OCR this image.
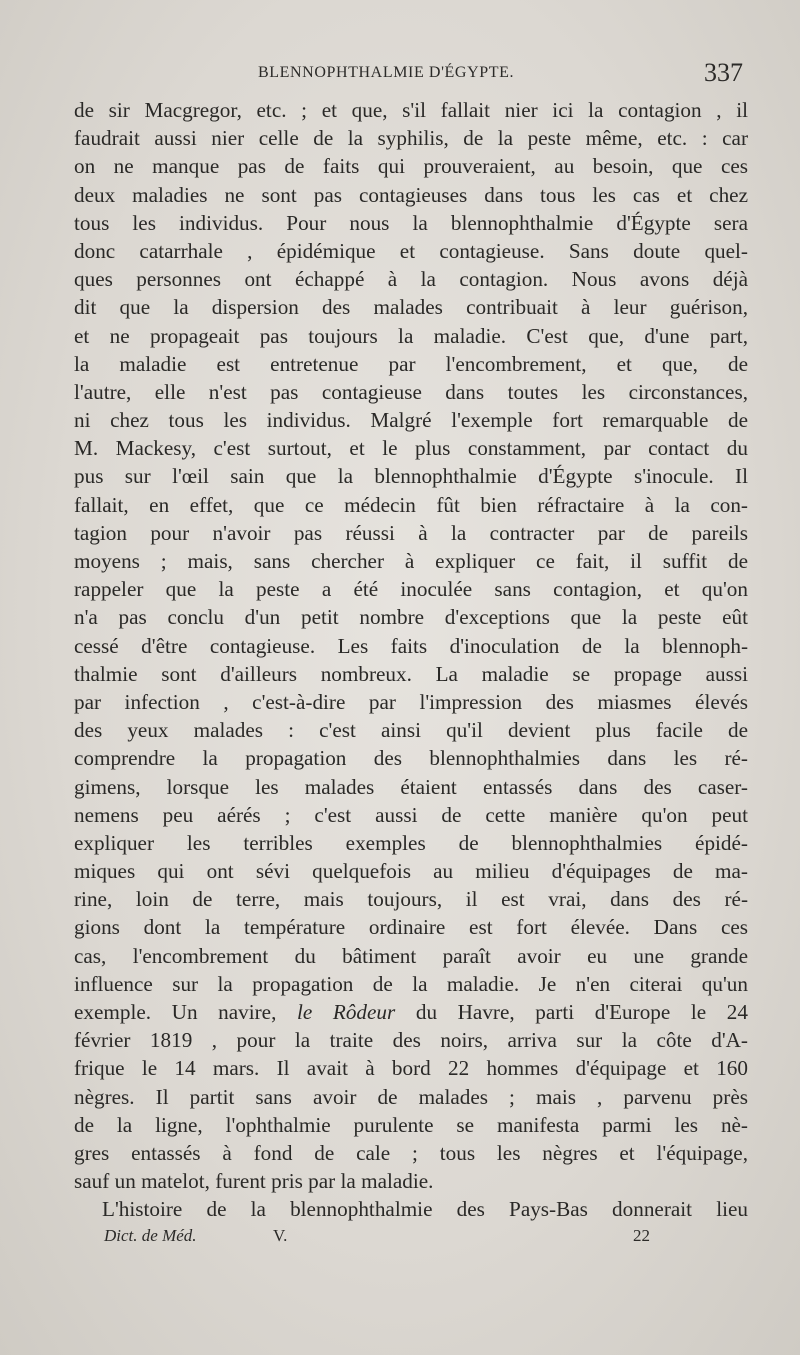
BLENNOPHTHALMIE D'ÉGYPTE.	337
de sir Macgregor, etc. ; et que, s'il fallait nier ici la contagion , il
faudrait aussi nier celle de la syphilis, de la peste même, etc. : car
on ne manque pas de faits qui prouveraient, au besoin, que ces
deux maladies ne sont pas contagieuses dans tous les cas et chez
tous les individus. Pour nous la blennophthalmie d'Égypte sera
donc catarrhale , épidémique et contagieuse. Sans doute quel-
ques personnes ont échappé à la contagion. Nous avons déjà
dit que la dispersion des malades contribuait à leur guérison,
et ne propageait pas toujours la maladie. C'est que, d'une part,
la maladie est entretenue par l'encombrement, et que, de
l'autre, elle n'est pas contagieuse dans toutes les circonstances,
ni chez tous les individus. Malgré l'exemple fort remarquable de
M. Mackesy, c'est surtout, et le plus constamment, par contact du
pus sur l'œil sain que la blennophthalmie d'Égypte s'inocule. Il
fallait, en effet, que ce médecin fût bien réfractaire à la con-
tagion pour n'avoir pas réussi à la contracter par de pareils
moyens ; mais, sans chercher à expliquer ce fait, il suffit de
rappeler que la peste a été inoculée sans contagion, et qu'on
n'a pas conclu d'un petit nombre d'exceptions que la peste eût
cessé d'être contagieuse. Les faits d'inoculation de la blennoph-
thalmie sont d'ailleurs nombreux. La maladie se propage aussi
par infection , c'est-à-dire par l'impression des miasmes élevés
des yeux malades : c'est ainsi qu'il devient plus facile de
comprendre la propagation des blennophthalmies dans les ré-
gimens, lorsque les malades étaient entassés dans des caser-
nemens peu aérés ; c'est aussi de cette manière qu'on peut
expliquer les terribles exemples de blennophthalmies épidé-
miques qui ont sévi quelquefois au milieu d'équipages de ma-
rine, loin de terre, mais toujours, il est vrai, dans des ré-
gions dont la température ordinaire est fort élevée. Dans ces
cas, l'encombrement du bâtiment paraît avoir eu une grande
influence sur la propagation de la maladie. Je n'en citerai qu'un
exemple. Un navire, le Rôdeur du Havre, parti d'Europe le 24
février 1819 , pour la traite des noirs, arriva sur la côte d'A-
frique le 14 mars. Il avait à bord 22 hommes d'équipage et 160
nègres. Il partit sans avoir de malades ; mais , parvenu près
de la ligne, l'ophthalmie purulente se manifesta parmi les nè-
gres entassés à fond de cale ; tous les nègres et l'équipage,
sauf un matelot, furent pris par la maladie.
L'histoire de la blennophthalmie des Pays-Bas donnerait lieu
Dict. de Méd.	V.	22
